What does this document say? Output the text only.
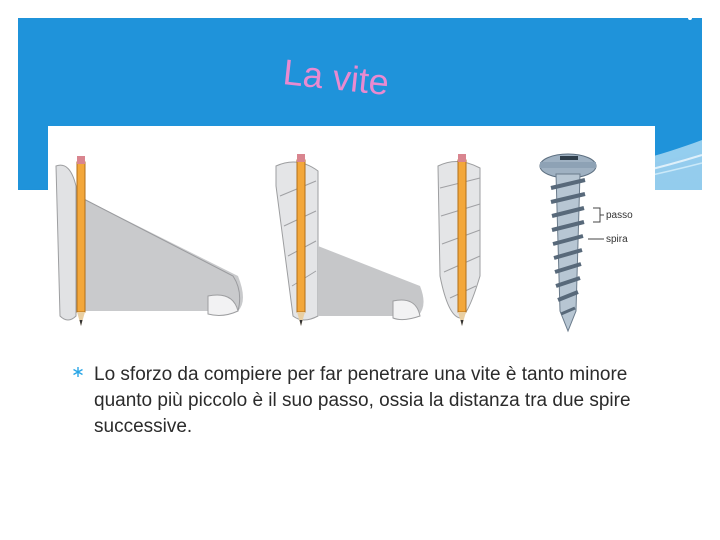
La vite
passo
spira
Lo sforzo da compiere per far penetrare una vite è tanto minore quanto più piccolo è il suo passo, ossia la distanza tra due spire successive.
